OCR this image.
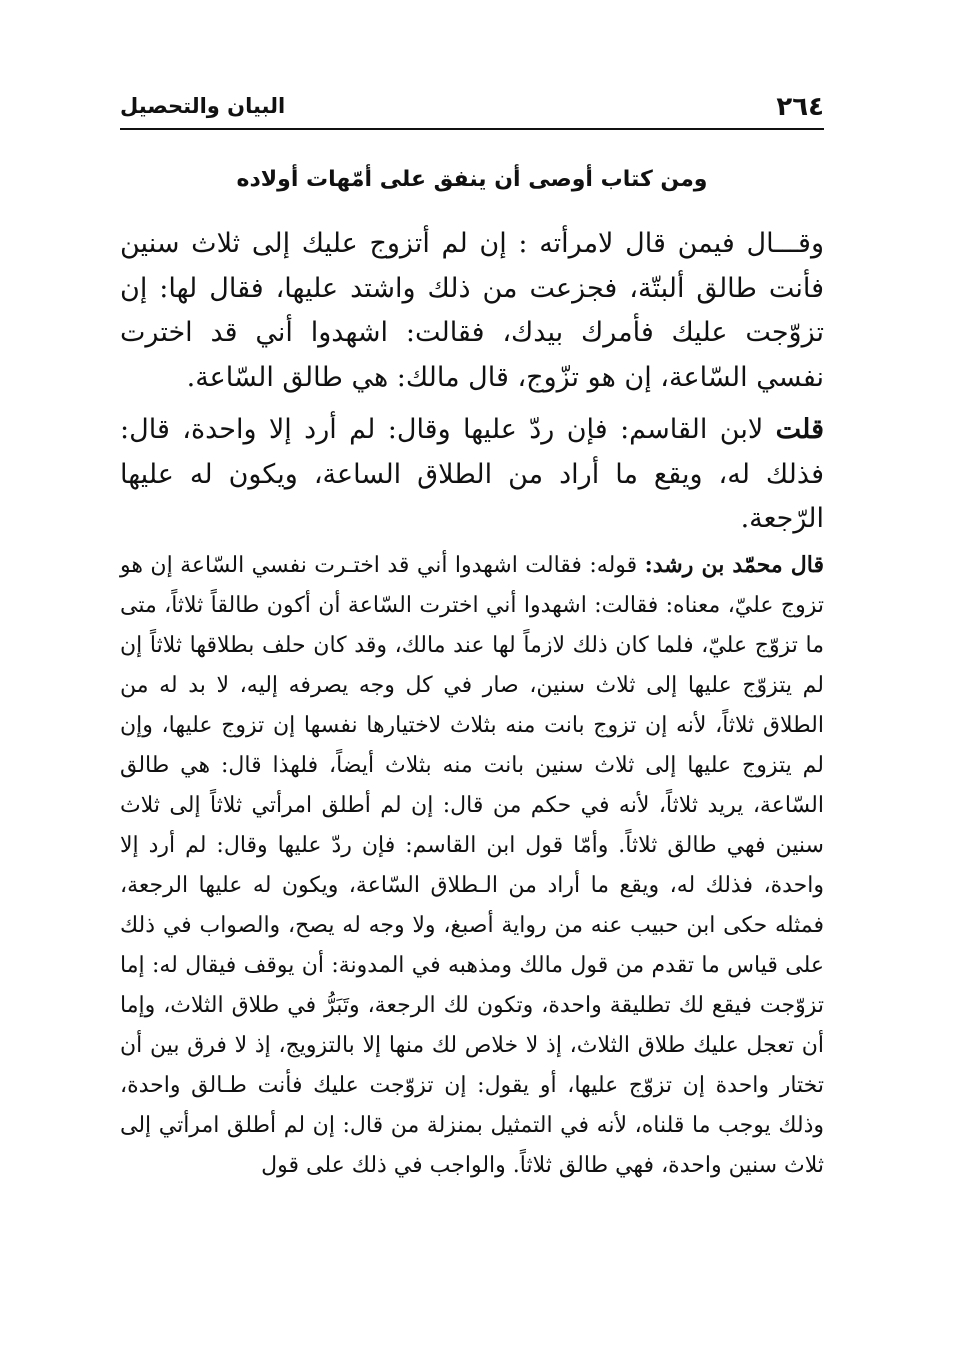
٢٦٤
البيان والتحصيل
ومن كتاب أوصى أن ينفق على أمّهات أولاده

وقـــال فيمن قال لامرأته : إن لم أتزوج عليك إلى ثلاث سنين فأنت طالق ألبتّة، فجزعت من ذلك واشتد عليها، فقال لها: إن تزوّجت عليك فأمرك بيدك، فقالت: اشهدوا أني قد اخترت نفسي السّاعة، إن هو تزّوج، قال مالك: هي طالق السّاعة.

قلت لابن القاسم: فإن ردّ عليها وقال: لم أرد إلا واحدة، قال: فذلك له، ويقع ما أراد من الطلاق الساعة، ويكون له عليها الرّجعة.

قال محمّد بن رشد: قوله: فقالت اشهدوا أني قد اختـرت نفسي السّاعة إن هو تزوج عليّ، معناه: فقالت: اشهدوا أني اخترت السّاعة أن أكون طالقاً ثلاثاً، متى ما تزوّج عليّ، فلما كان ذلك لازماً لها عند مالك، وقد كان حلف بطلاقها ثلاثاً إن لم يتزوّج عليها إلى ثلاث سنين، صار في كل وجه يصرفه إليه، لا بد له من الطلاق ثلاثاً، لأنه إن تزوج بانت منه بثلاث لاختيارها نفسها إن تزوج عليها، وإن لم يتزوج عليها إلى ثلاث سنين بانت منه بثلاث أيضاً، فلهذا قال: هي طالق السّاعة، يريد ثلاثاً، لأنه في حكم من قال: إن لم أطلق امرأتي ثلاثاً إلى ثلاث سنين فهي طالق ثلاثاً. وأمّا قول ابن القاسم: فإن ردّ عليها وقال: لم أرد إلا واحدة، فذلك له، ويقع ما أراد من الـطلاق السّاعة، ويكون له عليها الرجعة، فمثله حكى ابن حبيب عنه من رواية أصبغ، ولا وجه له يصح، والصواب في ذلك على قياس ما تقدم من قول مالك ومذهبه في المدونة: أن يوقف فيقال له: إما تزوّجت فيقع لك تطليقة واحدة، وتكون لك الرجعة، وتَبَرُّ في طلاق الثلاث، وإما أن تعجل عليك طلاق الثلاث، إذ لا خلاص لك منها إلا بالتزويج، إذ لا فرق بين أن تختار واحدة إن تزوّج عليها، أو يقول: إن تزوّجت عليك فأنت طـالق واحدة، وذلك يوجب ما قلناه، لأنه في التمثيل بمنزلة من قال: إن لم أطلق امرأتي إلى ثلاث سنين واحدة، فهي طالق ثلاثاً. والواجب في ذلك على قول
